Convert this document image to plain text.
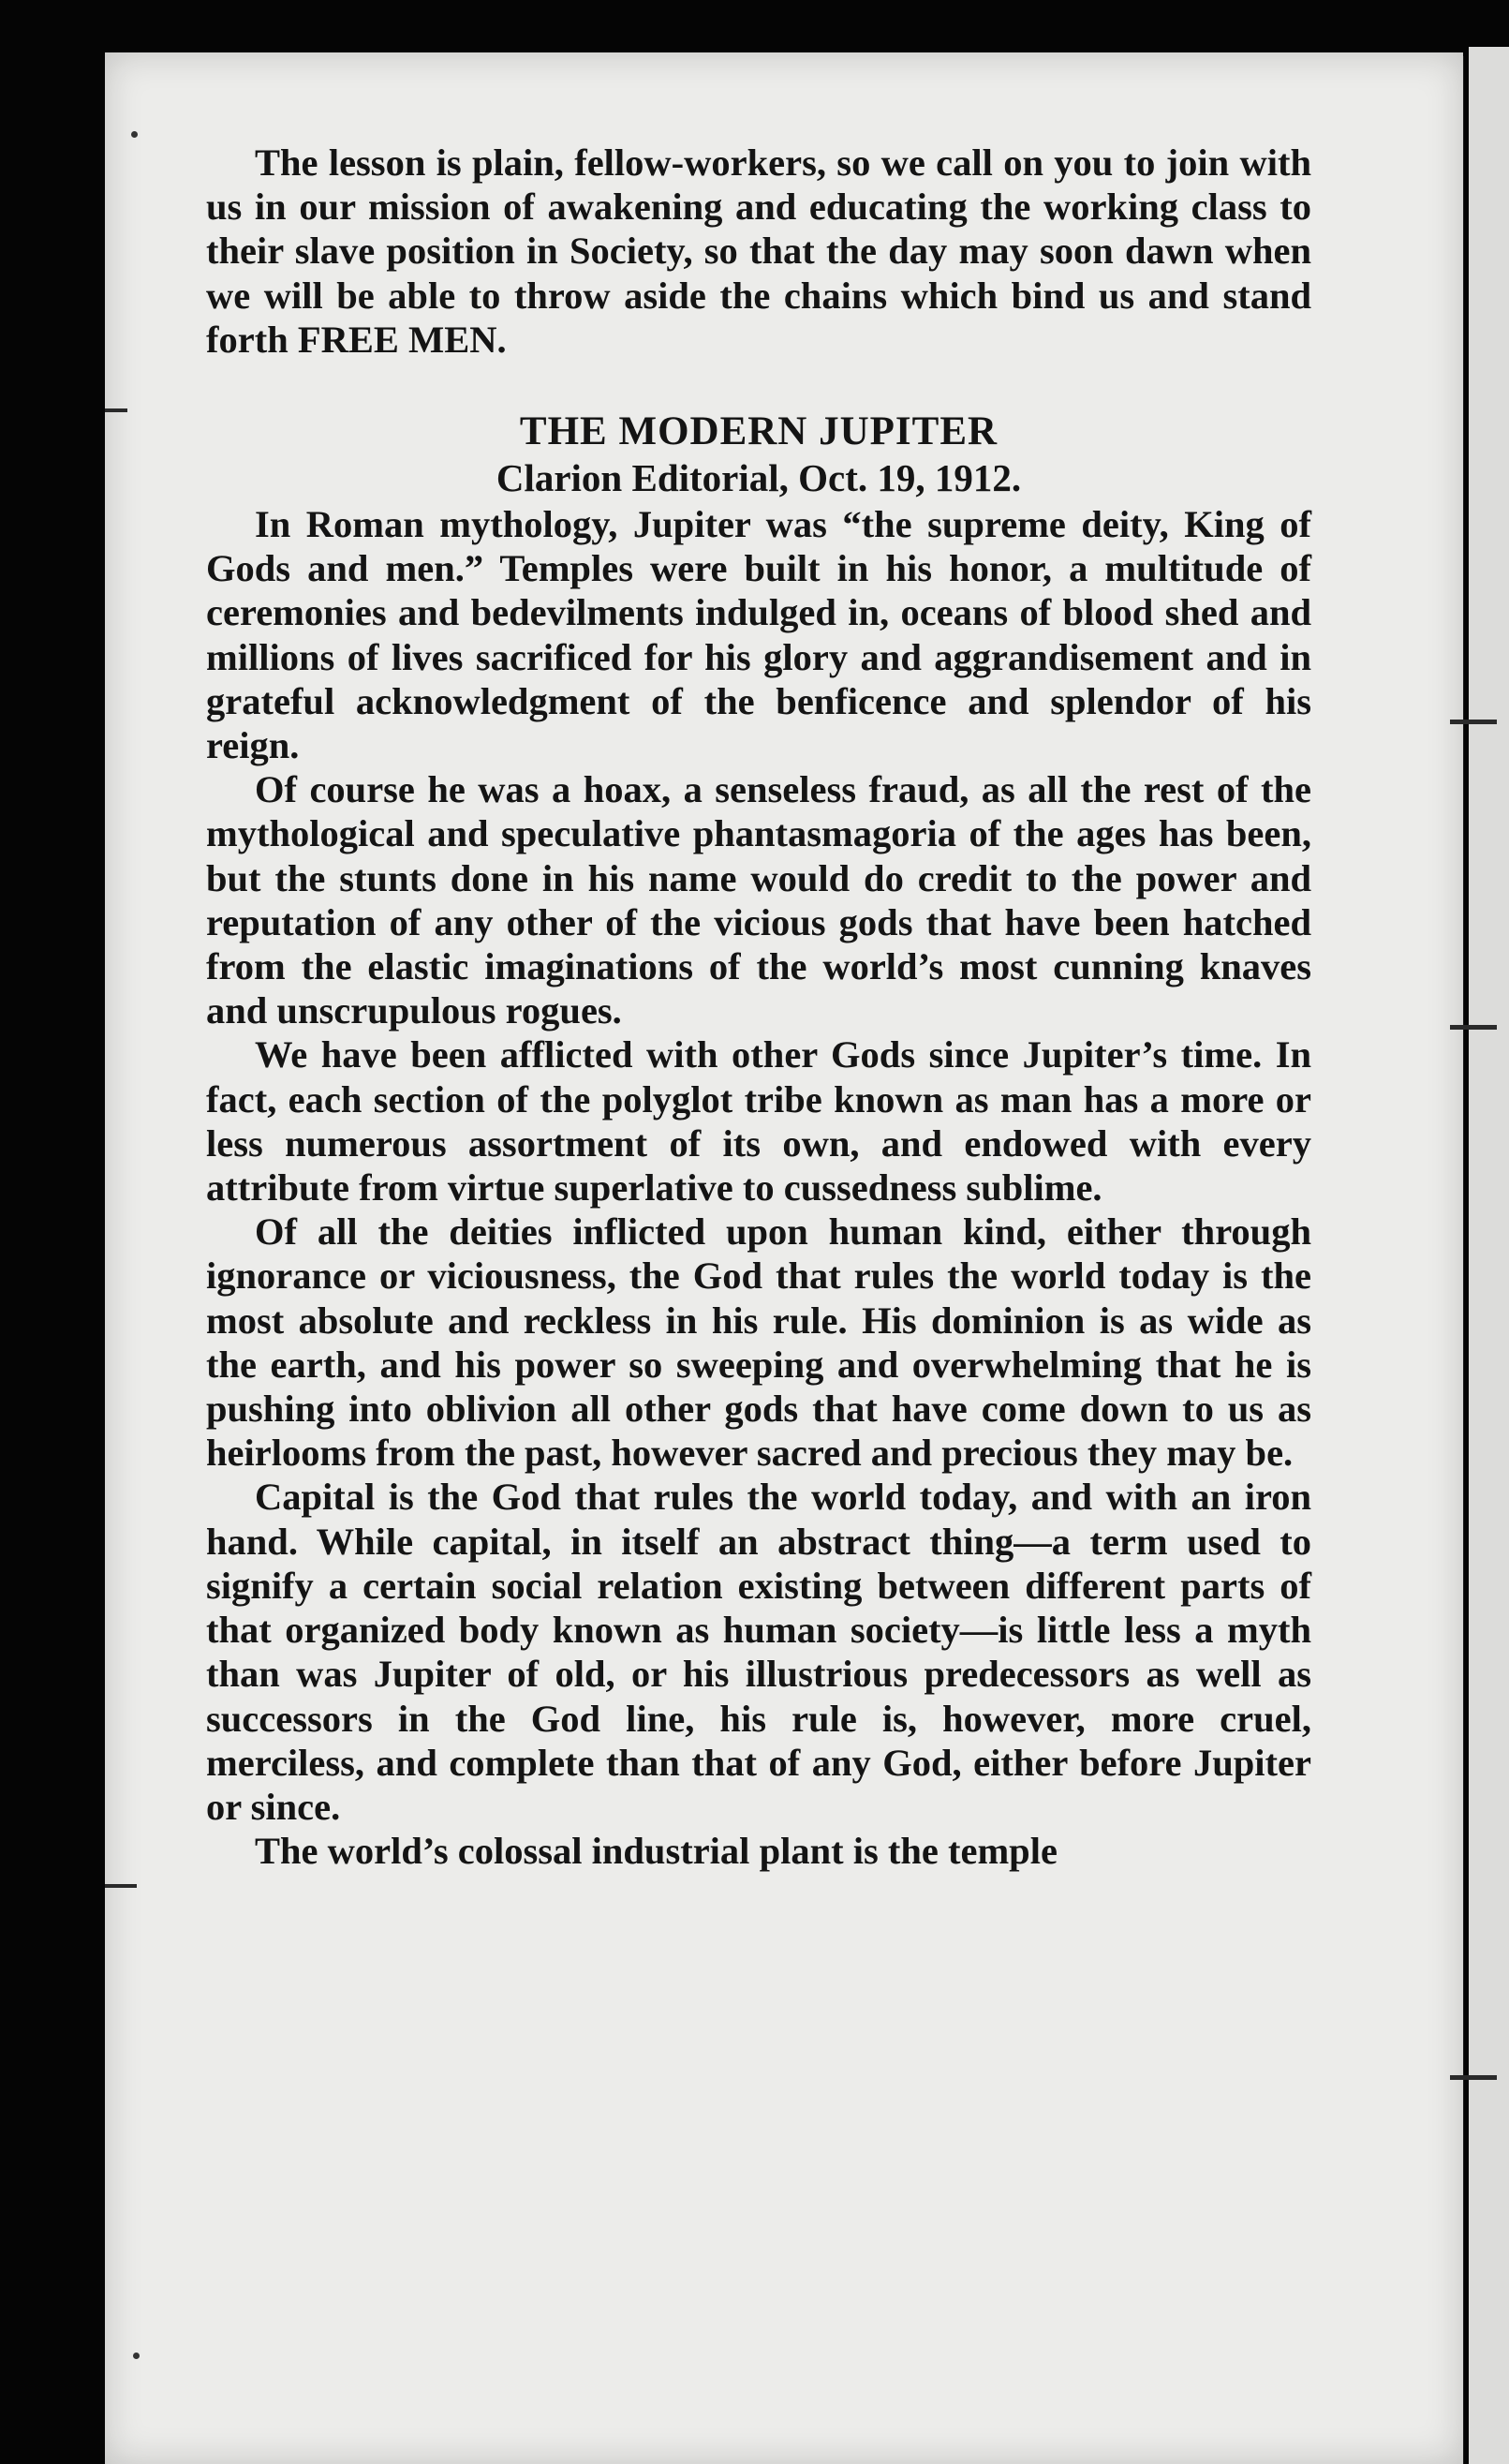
The lesson is plain, fellow-workers, so we call on you to join with us in our mission of awakening and educating the working class to their slave position in Society, so that the day may soon dawn when we will be able to throw aside the chains which bind us and stand forth FREE MEN.

THE MODERN JUPITER

Clarion Editorial, Oct. 19, 1912.

In Roman mythology, Jupiter was “the supreme deity, King of Gods and men.” Temples were built in his honor, a multitude of ceremonies and bedevilments indulged in, oceans of blood shed and millions of lives sacrificed for his glory and aggrandisement and in grateful acknowledgment of the benficence and splendor of his reign.

Of course he was a hoax, a senseless fraud, as all the rest of the mythological and speculative phantasmagoria of the ages has been, but the stunts done in his name would do credit to the power and reputation of any other of the vicious gods that have been hatched from the elastic imaginations of the world’s most cunning knaves and unscrupulous rogues.

We have been afflicted with other Gods since Jupiter’s time. In fact, each section of the polyglot tribe known as man has a more or less numerous assortment of its own, and endowed with every attribute from virtue superlative to cussedness sublime.

Of all the deities inflicted upon human kind, either through ignorance or viciousness, the God that rules the world today is the most absolute and reckless in his rule. His dominion is as wide as the earth, and his power so sweeping and overwhelming that he is pushing into oblivion all other gods that have come down to us as heirlooms from the past, however sacred and precious they may be.

Capital is the God that rules the world today, and with an iron hand. While capital, in itself an abstract thing—a term used to signify a certain social relation existing between different parts of that organized body known as human society—is little less a myth than was Jupiter of old, or his illustrious predecessors as well as successors in the God line, his rule is, however, more cruel, merciless, and complete than that of any God, either before Jupiter or since.

The world’s colossal industrial plant is the temple
